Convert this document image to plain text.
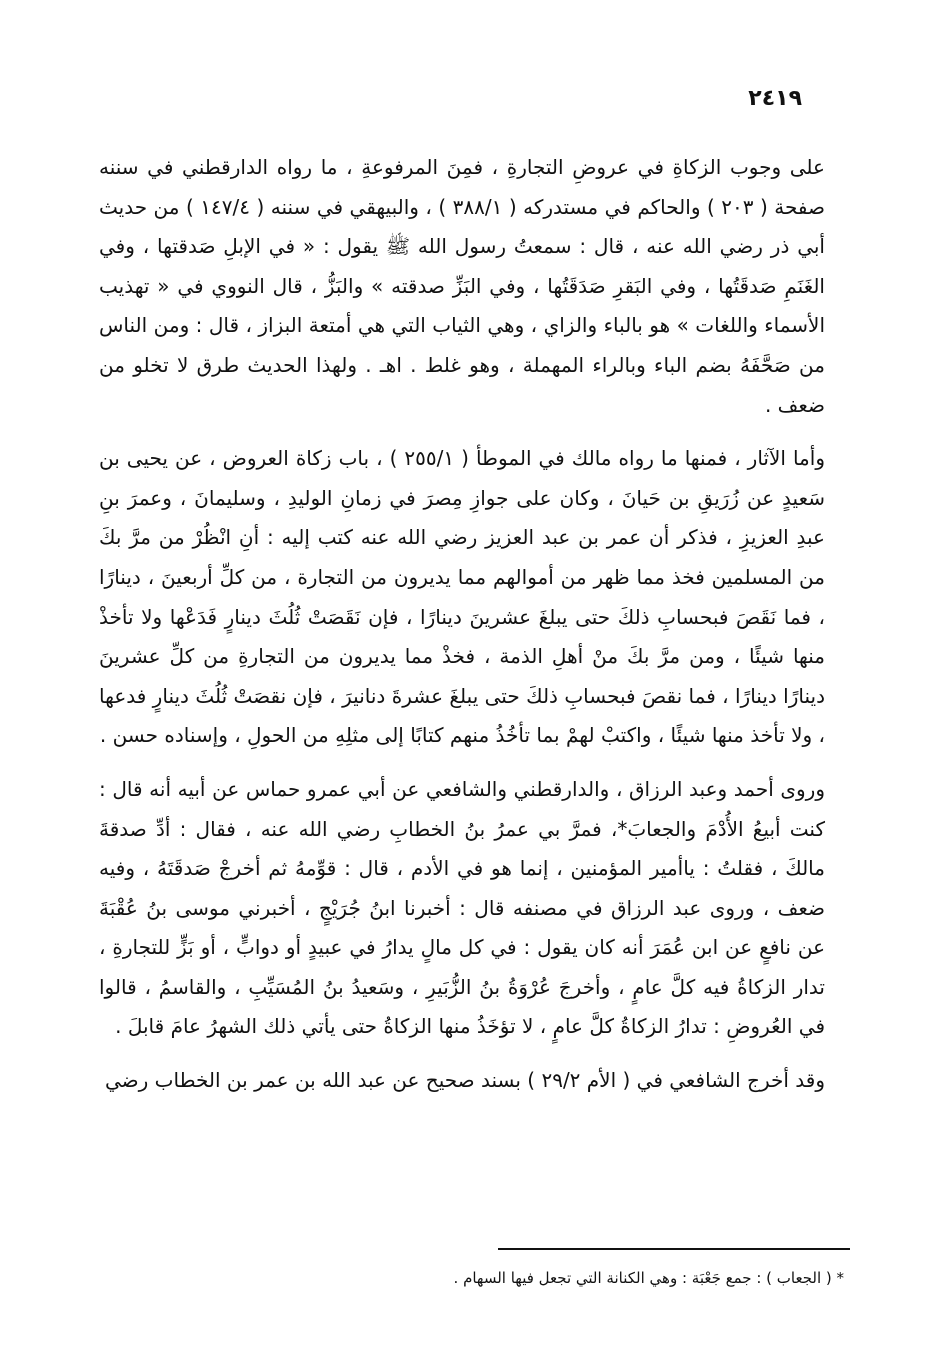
٢٤١٩

على وجوب الزكاةِ في عروضِ التجارةِ ، فمِنَ المرفوعةِ ، ما رواه الدارقطني في سننه صفحة ( ٢٠٣ ) والحاكم في مستدركه ( ٣٨٨/١ ) ، والبيهقي في سننه ( ١٤٧/٤ ) من حديث أبي ذر رضي الله عنه ، قال : سمعتُ رسول الله ﷺ يقول : « في الإبلِ صَدقتها ، وفي الغَنَمِ صَدقَتُها ، وفي البَقرِ صَدَقَتُها ، وفي البَزِّ صدقته » والبَزُّ ، قال النووي في « تهذيب الأسماء واللغات » هو بالباء والزاي ، وهي الثياب التي هي أمتعة البزاز ، قال : ومن الناس من صَحَّفَهُ بضم الباء وبالراء المهملة ، وهو غلط . اهـ . ولهذا الحديث طرق لا تخلو من ضعف .

وأما الآثار ، فمنها ما رواه مالك في الموطأ ( ٢٥٥/١ ) ، باب زكاة العروض ، عن يحيى بن سَعيدٍ عن زُرَيقِ بن حَيانَ ، وكان على جوازِ مِصرَ في زمانِ الوليدِ ، وسليمانَ ، وعمرَ بنِ عبدِ العزيزِ ، فذكر أن عمر بن عبد العزيز رضي الله عنه كتب إليه : أنِ انْظُرْ من مرَّ بكَ من المسلمين فخذ مما ظهر من أموالهم مما يديرون من التجارة ، من كلِّ أربعينَ ، دينارًا ، فما نَقَصَ فبحسابِ ذلكَ حتى يبلغَ عشرينَ دينارًا ، فإن نَقَصَتْ ثُلُثَ دينارٍ فَدَعْها ولا تأخذْ منها شيئًا ، ومن مرَّ بكَ منْ أهلِ الذمة ، فخذْ مما يديرون من التجارةِ من كلِّ عشرينَ دينارًا دينارًا ، فما نقصَ فبحسابِ ذلكَ حتى يبلغَ عشرةَ دنانيرَ ، فإن نقصَتْ ثُلُثَ دينارٍ فدعها ، ولا تأخذ منها شيئًا ، واكتبْ لهمْ بما تأخُذُ منهم كتابًا إلى مثلِهِ من الحولِ ، وإسناده حسن .

وروى أحمد وعبد الرزاق ، والدارقطني والشافعي عن أبي عمرو حماس عن أبيه أنه قال : كنت أبيعُ الأُدْمَ والجعابَ*، فمرَّ بي عمرُ بنُ الخطابِ رضي الله عنه ، فقال : أدِّ صدقةَ مالكَ ، فقلتُ : ياأمير المؤمنين ، إنما هو في الأدم ، قال : قوِّمهُ ثم أخرجْ صَدقَتَهُ ، وفيه ضعف ، وروى عبد الرزاق في مصنفه قال : أخبرنا ابنُ جُرَيْجٍ ، أخبرني موسى بنُ عُقْبَةَ عن نافعٍ عن ابن عُمَرَ أنه كان يقول : في كل مالٍ يدارُ في عبيدٍ أو دوابٍّ ، أو بَزٍّ للتجارةِ ، تدار الزكاةُ فيه كلَّ عامٍ ، وأخرجَ عُرْوَةُ بنُ الزُّبَيرِ ، وسَعيدُ بنُ المُسَيِّبِ ، والقاسمُ ، قالوا في العُروضِ : تدارُ الزكاةُ كلَّ عامٍ ، لا تؤخَذُ منها الزكاةُ حتى يأتي ذلك الشهرُ عامَ قابلَ .

وقد أخرج الشافعي في ( الأم ٢٩/٢ ) بسند صحيح عن عبد الله بن عمر بن الخطاب رضي

* ( الجعاب ) : جمع جَعْبَة : وهي الكنانة التي تجعل فيها السهام .
